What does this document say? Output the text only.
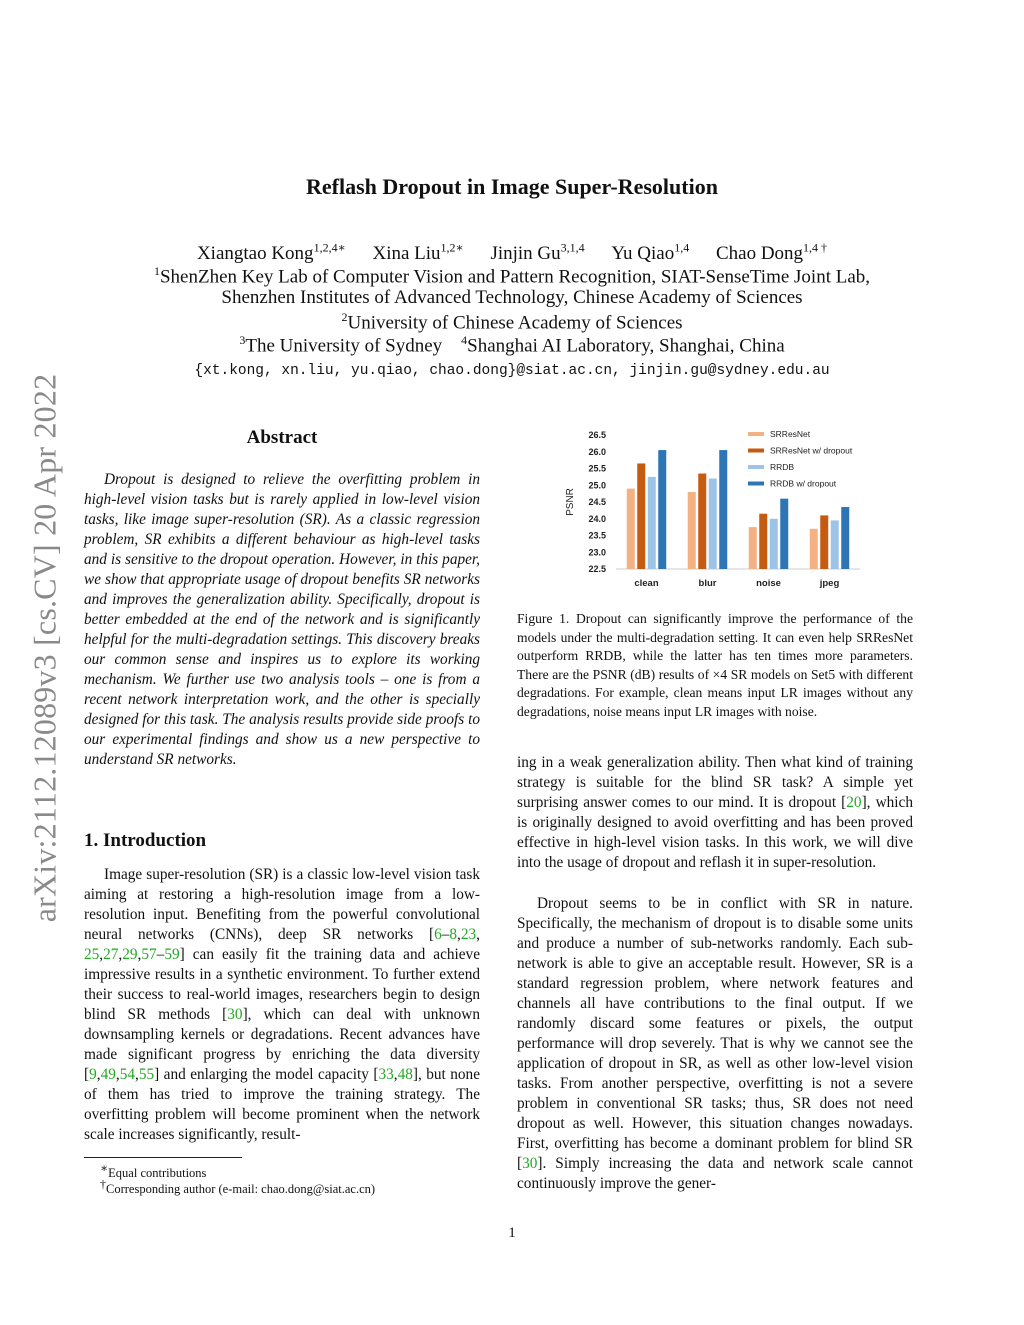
arXiv:2112.12089v3 [cs.CV] 20 Apr 2022
Reflash Dropout in Image Super-Resolution
Xiangtao Kong$^{1,2,4∗}$ Xina Liu$^{1,2∗}$ Jinjin Gu$^{3,1,4}$ Yu Qiao$^{1,4}$ Chao Dong$^{1,4 \dagger}$
$^1$ShenZhen Key Lab of Computer Vision and Pattern Recognition, SIAT-SenseTime Joint Lab,
Shenzhen Institutes of Advanced Technology, Chinese Academy of Sciences
$^2$University of Chinese Academy of Sciences
$^3$The University of Sydney $^4$Shanghai AI Laboratory, Shanghai, China
{xt.kong, xn.liu, yu.qiao, chao.dong}@siat.ac.cn, jinjin.gu@sydney.edu.au
Abstract

Dropout is designed to relieve the overfitting problem in high-level vision tasks but is rarely applied in low-level vision tasks, like image super-resolution (SR). As a classic regression problem, SR exhibits a different behaviour as high-level tasks and is sensitive to the dropout operation. However, in this paper, we show that appropriate usage of dropout benefits SR networks and improves the generalization ability. Specifically, dropout is better embedded at the end of the network and is significantly helpful for the multi-degradation settings. This discovery breaks our common sense and inspires us to explore its working mechanism. We further use two analysis tools – one is from a recent network interpretation work, and the other is specially designed for this task. The analysis results provide side proofs to our experimental findings and show us a new perspective to understand SR networks.

1. Introduction

Image super-resolution (SR) is a classic low-level vision task aiming at restoring a high-resolution image from a low-resolution input. Benefiting from the powerful convolutional neural networks (CNNs), deep SR networks [6–8,23, 25,27,29,57–59] can easily fit the training data and achieve impressive results in a synthetic environment. To further extend their success to real-world images, researchers begin to design blind SR methods [30], which can deal with unknown downsampling kernels or degradations. Recent advances have made significant progress by enriching the data diversity [9,49,54,55] and enlarging the model capacity [33,48], but none of them has tried to improve the training strategy. The overfitting problem will become prominent when the network scale increases significantly, result-

∗Equal contributions
†Corresponding author (e-mail: chao.dong@siat.ac.cn)
22.5
23.0
23.5
24.0
24.5
25.0
25.5
26.0
26.5
PSNR
clean	blur	noise	jpeg
SRResNet
SRResNet w/ dropout
RRDB
RRDB w/ dropout

Figure 1. Dropout can significantly improve the performance of the models under the multi-degradation setting. It can even help SRResNet outperform RRDB, while the latter has ten times more parameters. There are the PSNR (dB) results of ×4 SR models on Set5 with different degradations. For example, clean means input LR images without any degradations, noise means input LR images with noise.

ing in a weak generalization ability. Then what kind of training strategy is suitable for the blind SR task? A simple yet surprising answer comes to our mind. It is dropout [20], which is originally designed to avoid overfitting and has been proved effective in high-level vision tasks. In this work, we will dive into the usage of dropout and reflash it in super-resolution.

Dropout seems to be in conflict with SR in nature. Specifically, the mechanism of dropout is to disable some units and produce a number of sub-networks randomly. Each sub-network is able to give an acceptable result. However, SR is a standard regression problem, where network features and channels all have contributions to the final output. If we randomly discard some features or pixels, the output performance will drop severely. That is why we cannot see the application of dropout in SR, as well as other low-level vision tasks. From another perspective, overfitting is not a severe problem in conventional SR tasks; thus, SR does not need dropout as well. However, this situation changes nowadays. First, overfitting has become a dominant problem for blind SR [30]. Simply increasing the data and network scale cannot continuously improve the gener-

1
